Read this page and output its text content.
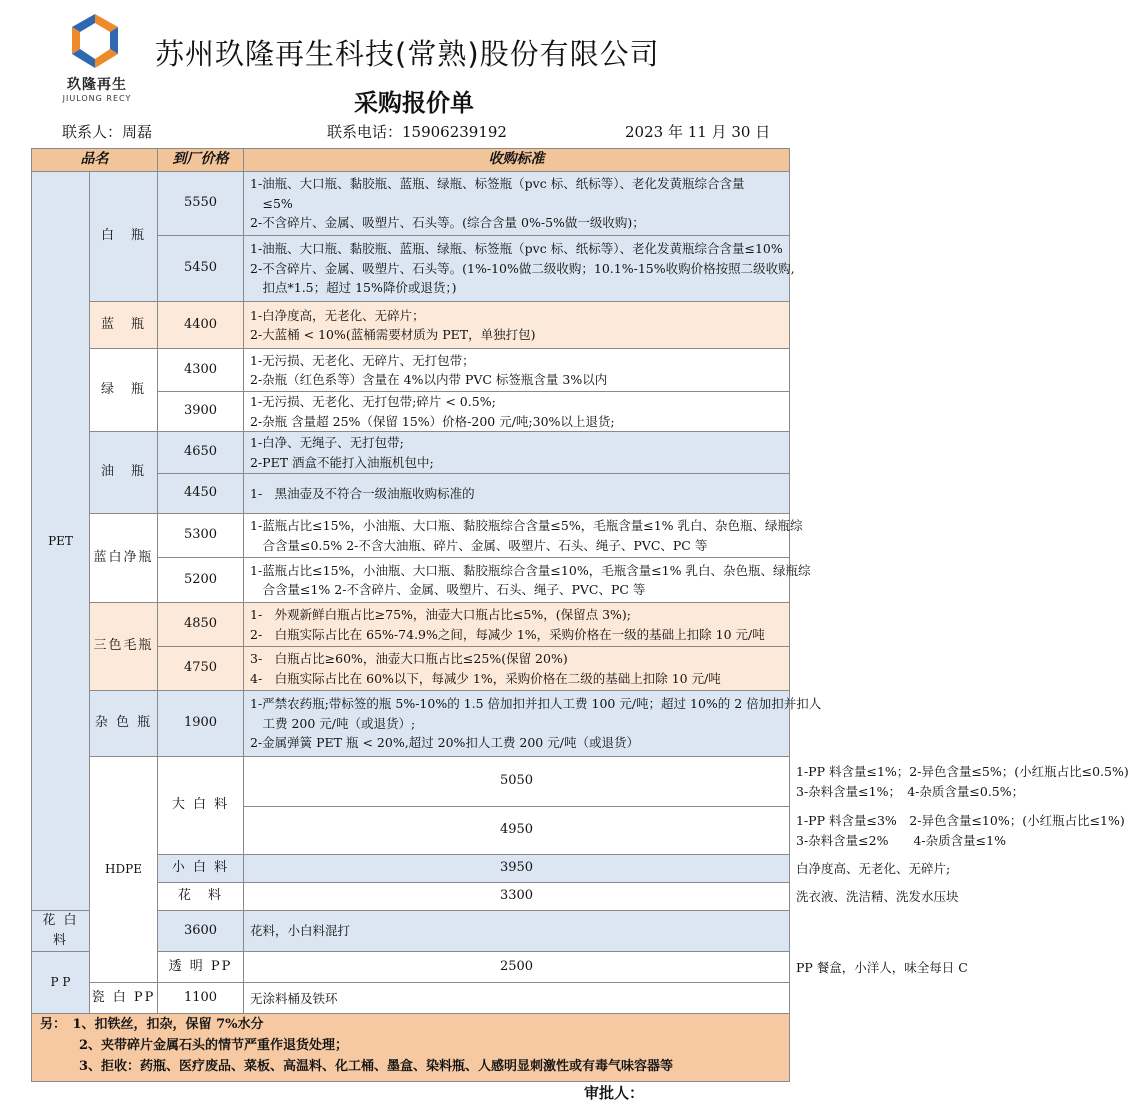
玖隆再生
JIULONG RECY
苏州玖隆再生科技(常熟)股份有限公司
采购报价单
联系人：周磊	联系电话：15906239192	2023 年 11 月 30 日
品名		到厂价格	收购标准	
PET	白　瓶	5550	1-油瓶、大口瓶、黏胶瓶、蓝瓶、绿瓶、标签瓶（pvc 标、纸标等）、老化发黄瓶综合含量
　≤5%
2-不含碎片、金属、吸塑片、石头等。(综合含量 0%-5%做一级收购)；	

		5450	1-油瓶、大口瓶、黏胶瓶、蓝瓶、绿瓶、标签瓶（pvc 标、纸标等）、老化发黄瓶综合含量≤10%
2-不含碎片、金属、吸塑片、石头等。(1%-10%做二级收购；10.1%-15%收购价格按照二级收购,
　扣点*1.5；超过 15%降价或退货；)	

	蓝　瓶	4400	1-白净度高，无老化、无碎片；
2-大蓝桶 < 10%(蓝桶需要材质为 PET，单独打包)	

	绿　瓶	4300	1-无污损、无老化、无碎片、无打包带；
2-杂瓶（红色系等）含量在 4%以内带 PVC 标签瓶含量 3%以内	

		3900	1-无污损、无老化、无打包带;碎片 < 0.5%;
2-杂瓶 含量超 25%（保留 15%）价格-200 元/吨;30%以上退货;	

	油　瓶	4650	1-白净、无绳子、无打包带;
2-PET 酒盒不能打入油瓶机包中;	

		4450	1-　黑油壶及不符合一级油瓶收购标准的	

	蓝白净瓶	5300	1-蓝瓶占比≤15%，小油瓶、大口瓶、黏胶瓶综合含量≤5%，毛瓶含量≤1% 乳白、杂色瓶、绿瓶综
　合含量≤0.5% 2-不含大油瓶、碎片、金属、吸塑片、石头、绳子、PVC、PC 等	

		5200	1-蓝瓶占比≤15%，小油瓶、大口瓶、黏胶瓶综合含量≤10%，毛瓶含量≤1% 乳白、杂色瓶、绿瓶综
　合含量≤1% 2-不含碎片、金属、吸塑片、石头、绳子、PVC、PC 等	

	三色毛瓶	4850	1-　外观新鲜白瓶占比≥75%，油壶大口瓶占比≤5%，(保留点 3%);
2-　白瓶实际占比在 65%-74.9%之间，每减少 1%，采购价格在一级的基础上扣除 10 元/吨	

		4750	3-　白瓶占比≥60%，油壶大口瓶占比≤25%(保留 20%)
4-　白瓶实际占比在 60%以下，每减少 1%，采购价格在二级的基础上扣除 10 元/吨	

	杂 色 瓶	1900	1-严禁农药瓶;带标签的瓶 5%-10%的 1.5 倍加扣并扣人工费 100 元/吨；超过 10%的 2 倍加扣并扣人
　工费 200 元/吨（或退货）;
2-金属弹簧 PET 瓶 < 20%,超过 20%扣人工费 200 元/吨（或退货）	

	HDPE	大 白 料	5050	1-PP 料含量≤1%；2-异色含量≤5%；(小红瓶占比≤0.5%)
3-杂料含量≤1%；　4-杂质含量≤0.5%；

			4950	1-PP 料含量≤3%　2-异色含量≤10%；(小红瓶占比≤1%)
3-杂料含量≤2%　　4-杂质含量≤1%

		小 白 料	3950	白净度高、无老化、无碎片;

		花　料	3300	洗衣液、洗洁精、洗发水压块

花 白 料		3600	花料，小白料混打	

P P		透 明 PP	2500	PP 餐盒，小洋人，味全每日 C

	瓷 白 PP	1100	无涂料桶及铁环	

另：　1、扣铁丝，扣杂，保留 7%水分
　　　2、夹带碎片金属石头的情节严重作退货处理；
　　　3、拒收：药瓶、医疗废品、菜板、高温料、化工桶、墨盒、染料瓶、人感明显刺激性或有毒气味容器等				
审批人：
